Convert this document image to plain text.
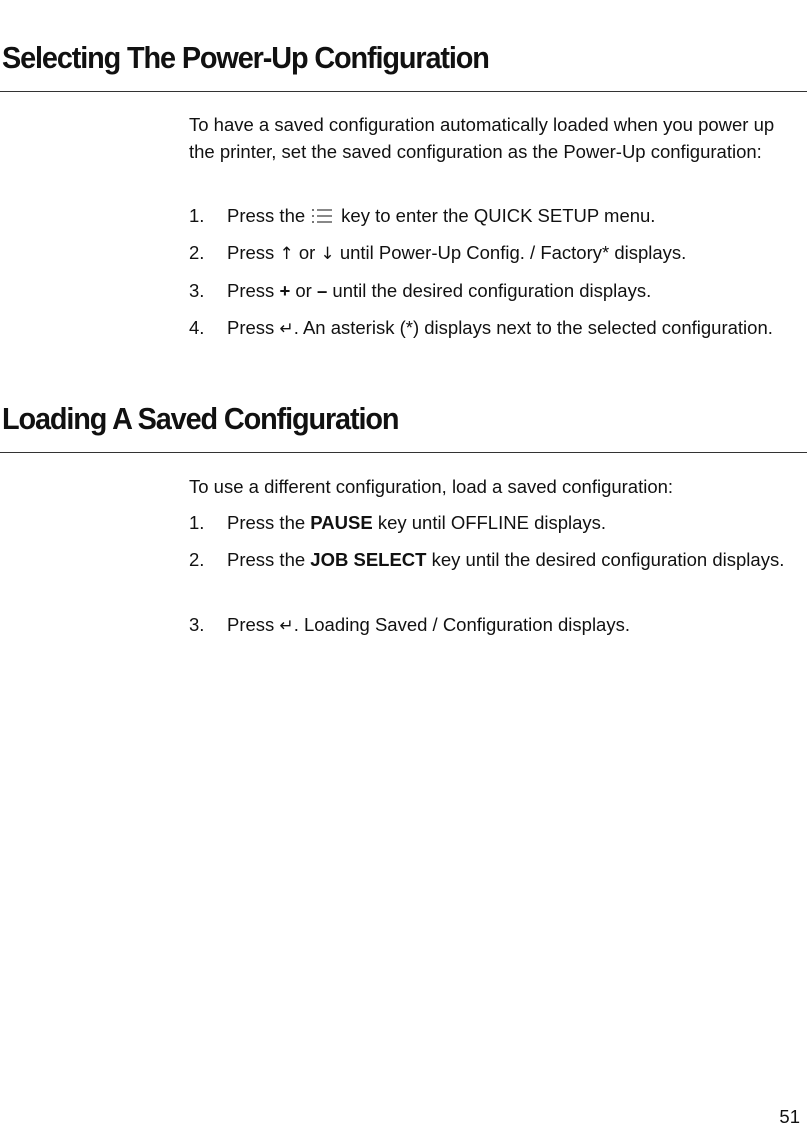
Selecting The Power-Up Configuration

To have a saved configuration automatically loaded when you power up the printer, set the saved configuration as the Power-Up configuration:

1.	Press the key to enter the QUICK SETUP menu.
2.	Press ↑ or ↓ until Power-Up Config. / Factory* displays.
3.	Press + or – until the desired configuration displays.
4.	Press ↵. An asterisk (*) displays next to the selected configuration.
Loading A Saved Configuration

To use a different configuration, load a saved configuration:

1.	Press the PAUSE key until OFFLINE displays.
2.	Press the JOB SELECT key until the desired configuration displays.
3.	Press ↵. Loading Saved / Configuration displays.
51
